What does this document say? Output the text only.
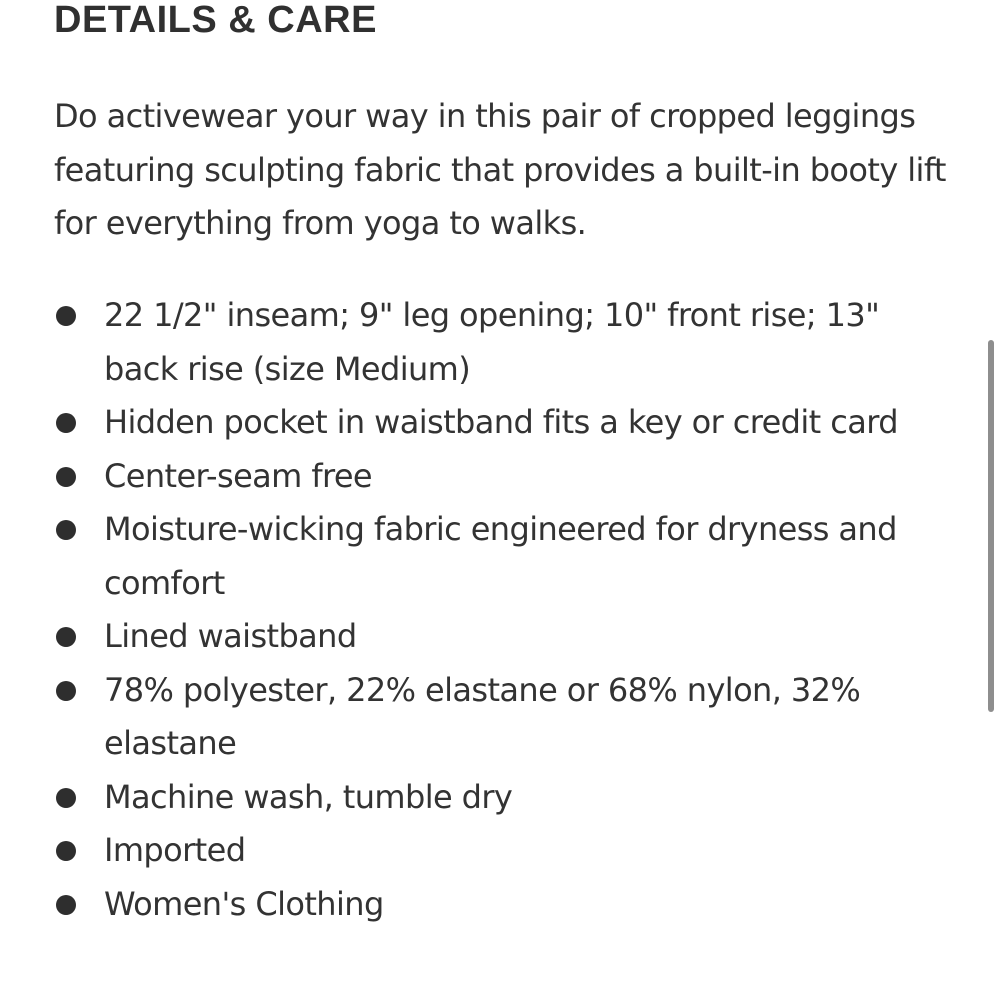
DETAILS & CARE

Do activewear your way in this pair of cropped leggings featuring sculpting fabric that provides a built-in booty lift for everything from yoga to walks.

22 1/2" inseam; 9" leg opening; 10" front rise; 13" back rise (size Medium)
Hidden pocket in waistband fits a key or credit card
Center-seam free
Moisture-wicking fabric engineered for dryness and comfort
Lined waistband
78% polyester, 22% elastane or 68% nylon, 32% elastane
Machine wash, tumble dry
Imported
Women's Clothing
